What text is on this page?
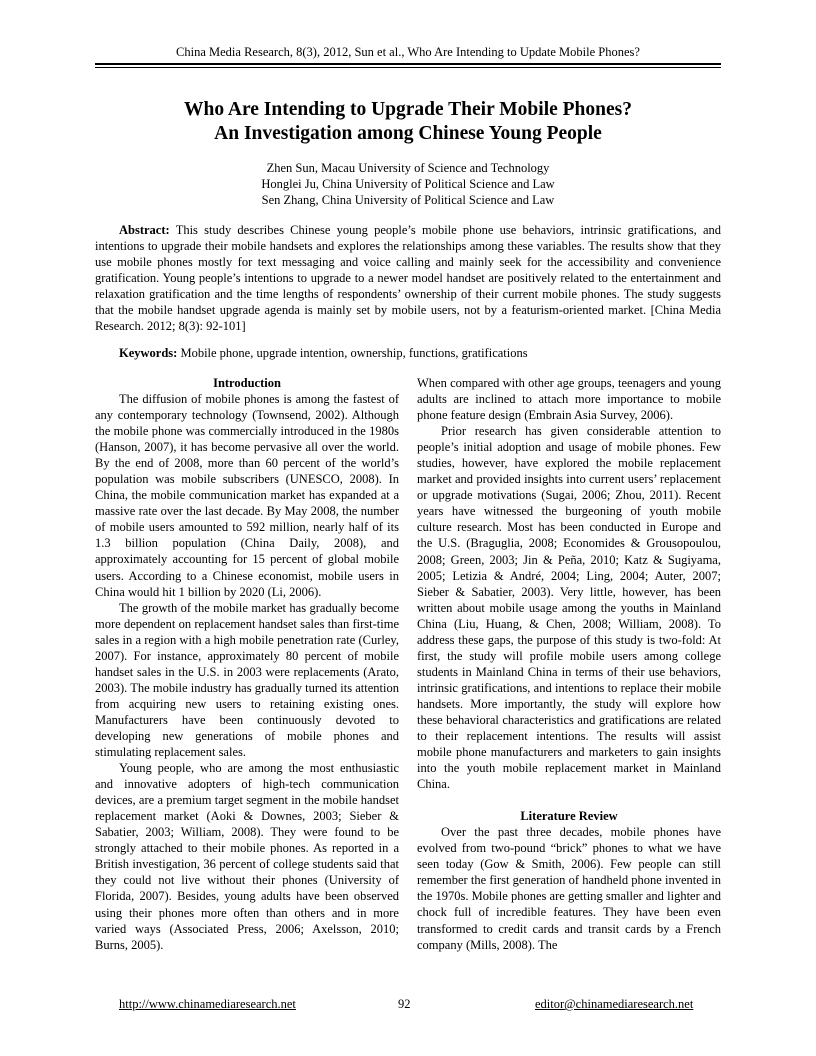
China Media Research, 8(3), 2012, Sun et al., Who Are Intending to Update Mobile Phones?
Who Are Intending to Upgrade Their Mobile Phones?
An Investigation among Chinese Young People
Zhen Sun, Macau University of Science and Technology
Honglei Ju, China University of Political Science and Law
Sen Zhang, China University of Political Science and Law

Abstract: This study describes Chinese young people’s mobile phone use behaviors, intrinsic gratifications, and intentions to upgrade their mobile handsets and explores the relationships among these variables. The results show that they use mobile phones mostly for text messaging and voice calling and mainly seek for the accessibility and convenience gratification. Young people’s intentions to upgrade to a newer model handset are positively related to the entertainment and relaxation gratification and the time lengths of respondents’ ownership of their current mobile phones. The study suggests that the mobile handset upgrade agenda is mainly set by mobile users, not by a featurism-oriented market. [China Media Research. 2012; 8(3): 92-101]

Keywords: Mobile phone, upgrade intention, ownership, functions, gratifications

Introduction

The diffusion of mobile phones is among the fastest of any contemporary technology (Townsend, 2002). Although the mobile phone was commercially introduced in the 1980s (Hanson, 2007), it has become pervasive all over the world. By the end of 2008, more than 60 percent of the world’s population was mobile subscribers (UNESCO, 2008). In China, the mobile communication market has expanded at a massive rate over the last decade. By May 2008, the number of mobile users amounted to 592 million, nearly half of its 1.3 billion population (China Daily, 2008), and approximately accounting for 15 percent of global mobile users. According to a Chinese economist, mobile users in China would hit 1 billion by 2020 (Li, 2006).

The growth of the mobile market has gradually become more dependent on replacement handset sales than first-time sales in a region with a high mobile penetration rate (Curley, 2007). For instance, approximately 80 percent of mobile handset sales in the U.S. in 2003 were replacements (Arato, 2003). The mobile industry has gradually turned its attention from acquiring new users to retaining existing ones. Manufacturers have been continuously devoted to developing new generations of mobile phones and stimulating replacement sales.

Young people, who are among the most enthusiastic and innovative adopters of high-tech communication devices, are a premium target segment in the mobile handset replacement market (Aoki & Downes, 2003; Sieber & Sabatier, 2003; William, 2008). They were found to be strongly attached to their mobile phones. As reported in a British investigation, 36 percent of college students said that they could not live without their phones (University of Florida, 2007). Besides, young adults have been observed using their phones more often than others and in more varied ways (Associated Press, 2006; Axelsson, 2010; Burns, 2005).

When compared with other age groups, teenagers and young adults are inclined to attach more importance to mobile phone feature design (Embrain Asia Survey, 2006).

Prior research has given considerable attention to people’s initial adoption and usage of mobile phones. Few studies, however, have explored the mobile replacement market and provided insights into current users’ replacement or upgrade motivations (Sugai, 2006; Zhou, 2011). Recent years have witnessed the burgeoning of youth mobile culture research. Most has been conducted in Europe and the U.S. (Braguglia, 2008; Economides & Grousopoulou, 2008; Green, 2003; Jin & Peña, 2010; Katz & Sugiyama, 2005; Letizia & André, 2004; Ling, 2004; Auter, 2007; Sieber & Sabatier, 2003). Very little, however, has been written about mobile usage among the youths in Mainland China (Liu, Huang, & Chen, 2008; William, 2008). To address these gaps, the purpose of this study is two-fold: At first, the study will profile mobile users among college students in Mainland China in terms of their use behaviors, intrinsic gratifications, and intentions to replace their mobile handsets. More importantly, the study will explore how these behavioral characteristics and gratifications are related to their replacement intentions. The results will assist mobile phone manufacturers and marketers to gain insights into the youth mobile replacement market in Mainland China.

Literature Review

Over the past three decades, mobile phones have evolved from two-pound “brick” phones to what we have seen today (Gow & Smith, 2006). Few people can still remember the first generation of handheld phone invented in the 1970s. Mobile phones are getting smaller and lighter and chock full of incredible features. They have been even transformed to credit cards and transit cards by a French company (Mills, 2008). The

http://www.chinamediaresearch.net	92	editor@chinamediaresearch.net
